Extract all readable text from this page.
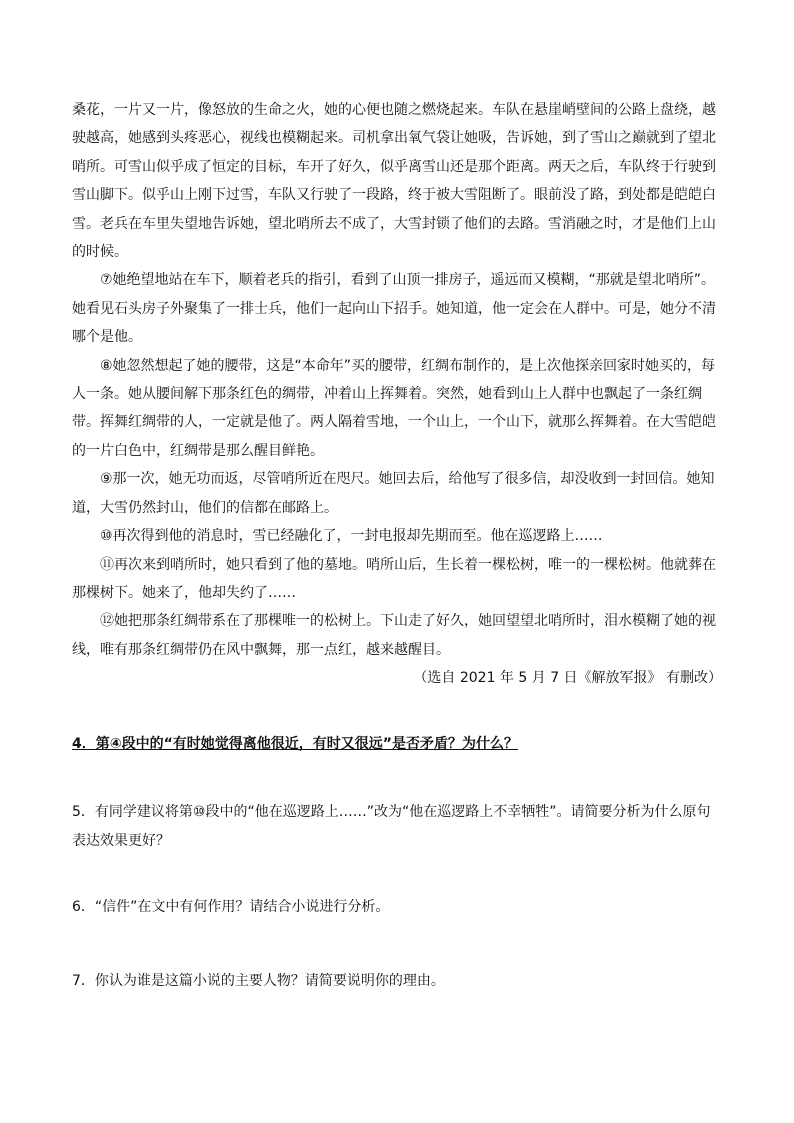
桑花，一片又一片，像怒放的生命之火，她的心便也随之燃烧起来。车队在悬崖峭壁间的公路上盘绕，越驶越高，她感到头疼恶心，视线也模糊起来。司机拿出氧气袋让她吸，告诉她，到了雪山之巅就到了望北哨所。可雪山似乎成了恒定的目标，车开了好久，似乎离雪山还是那个距离。两天之后，车队终于行驶到雪山脚下。似乎山上刚下过雪，车队又行驶了一段路，终于被大雪阻断了。眼前没了路，到处都是皑皑白雪。老兵在车里失望地告诉她，望北哨所去不成了，大雪封锁了他们的去路。雪消融之时，才是他们上山的时候。

⑦她绝望地站在车下，顺着老兵的指引，看到了山顶一排房子，遥远而又模糊，“那就是望北哨所”。她看见石头房子外聚集了一排士兵，他们一起向山下招手。她知道，他一定会在人群中。可是，她分不清哪个是他。

⑧她忽然想起了她的腰带，这是“本命年”买的腰带，红绸布制作的，是上次他探亲回家时她买的，每人一条。她从腰间解下那条红色的绸带，冲着山上挥舞着。突然，她看到山上人群中也飘起了一条红绸带。挥舞红绸带的人，一定就是他了。两人隔着雪地，一个山上，一个山下，就那么挥舞着。在大雪皑皑的一片白色中，红绸带是那么醒目鲜艳。

⑨那一次，她无功而返，尽管哨所近在咫尺。她回去后，给他写了很多信，却没收到一封回信。她知道，大雪仍然封山，他们的信都在邮路上。

⑩再次得到他的消息时，雪已经融化了，一封电报却先期而至。他在巡逻路上……

⑪再次来到哨所时，她只看到了他的墓地。哨所山后，生长着一棵松树，唯一的一棵松树。他就葬在那棵树下。她来了，他却失约了……

⑫她把那条红绸带系在了那棵唯一的松树上。下山走了好久，她回望望北哨所时，泪水模糊了她的视线，唯有那条红绸带仍在风中飘舞，那一点红，越来越醒目。

（选自 2021 年 5 月 7 日《解放军报》 有删改）

4．第④段中的“有时她觉得离他很近，有时又很远”是否矛盾？为什么？

5．有同学建议将第⑩段中的“他在巡逻路上……”改为“他在巡逻路上不幸牺牲”。请简要分析为什么原句表达效果更好？

6．“信件”在文中有何作用？请结合小说进行分析。

7．你认为谁是这篇小说的主要人物？请简要说明你的理由。
